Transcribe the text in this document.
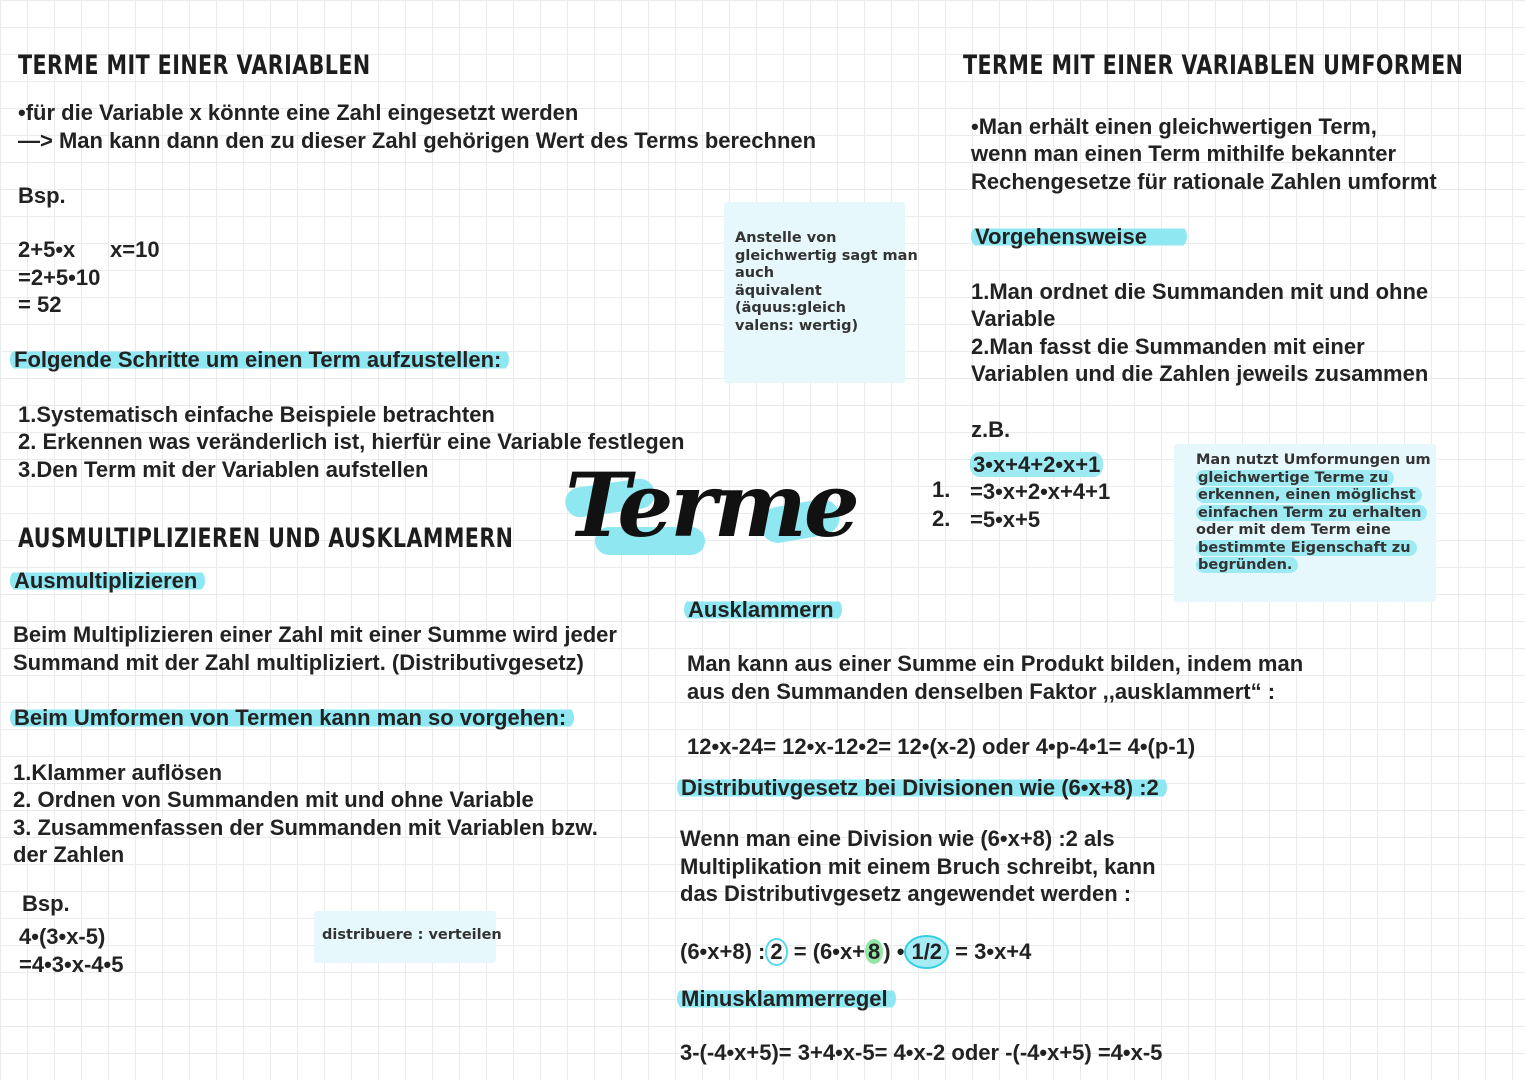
TERME MIT EINER VARIABLEN
•für die Variable x könnte eine Zahl eingesetzt werden
—> Man kann dann den zu dieser Zahl gehörigen Wert des Terms berechnen
Bsp.
2+5•x x=10
=2+5•10
= 52
Folgende Schritte um einen Term aufzustellen:
1.Systematisch einfache Beispiele betrachten
2. Erkennen was veränderlich ist, hierfür eine Variable festlegen
3.Den Term mit der Variablen aufstellen
Anstelle von
gleichwertig sagt man
auch
äquivalent
(äquus:gleich
valens: wertig)
TERME MIT EINER VARIABLEN UMFORMEN
•Man erhält einen gleichwertigen Term,
wenn man einen Term mithilfe bekannter
Rechengesetze für rationale Zahlen umformt
Vorgehensweise
1.Man ordnet die Summanden mit und ohne
Variable
2.Man fasst die Summanden mit einer
Variablen und die Zahlen jeweils zusammen
z.B.
3•x+4+2•x+1
1. =3•x+2•x+4+1
2. =5•x+5
Man nutzt Umformungen um
gleichwertige Terme zu
erkennen, einen möglichst
einfachen Term zu erhalten
oder mit dem Term eine
bestimmte Eigenschaft zu
begründen.
Terme
AUSMULTIPLIZIEREN UND AUSKLAMMERN
Ausmultiplizieren
Beim Multiplizieren einer Zahl mit einer Summe wird jeder
Summand mit der Zahl multipliziert. (Distributivgesetz)
Beim Umformen von Termen kann man so vorgehen:
1.Klammer auflösen
2. Ordnen von Summanden mit und ohne Variable
3. Zusammenfassen der Summanden mit Variablen bzw.
der Zahlen
Bsp.
4•(3•x-5)
=4•3•x-4•5
distribuere : verteilen
Ausklammern
Man kann aus einer Summe ein Produkt bilden, indem man
aus den Summanden denselben Faktor ,,ausklammert“ :
12•x-24= 12•x-12•2= 12•(x-2) oder 4•p-4•1= 4•(p-1)
Distributivgesetz bei Divisionen wie (6•x+8) :2
Wenn man eine Division wie (6•x+8) :2 als
Multiplikation mit einem Bruch schreibt, kann
das Distributivgesetz angewendet werden :
(6•x+8) : 2 = (6•x+ 8 ) • 1/2 = 3•x+4
Minusklammerregel
3-(-4•x+5)= 3+4•x-5= 4•x-2 oder -(-4•x+5) =4•x-5
